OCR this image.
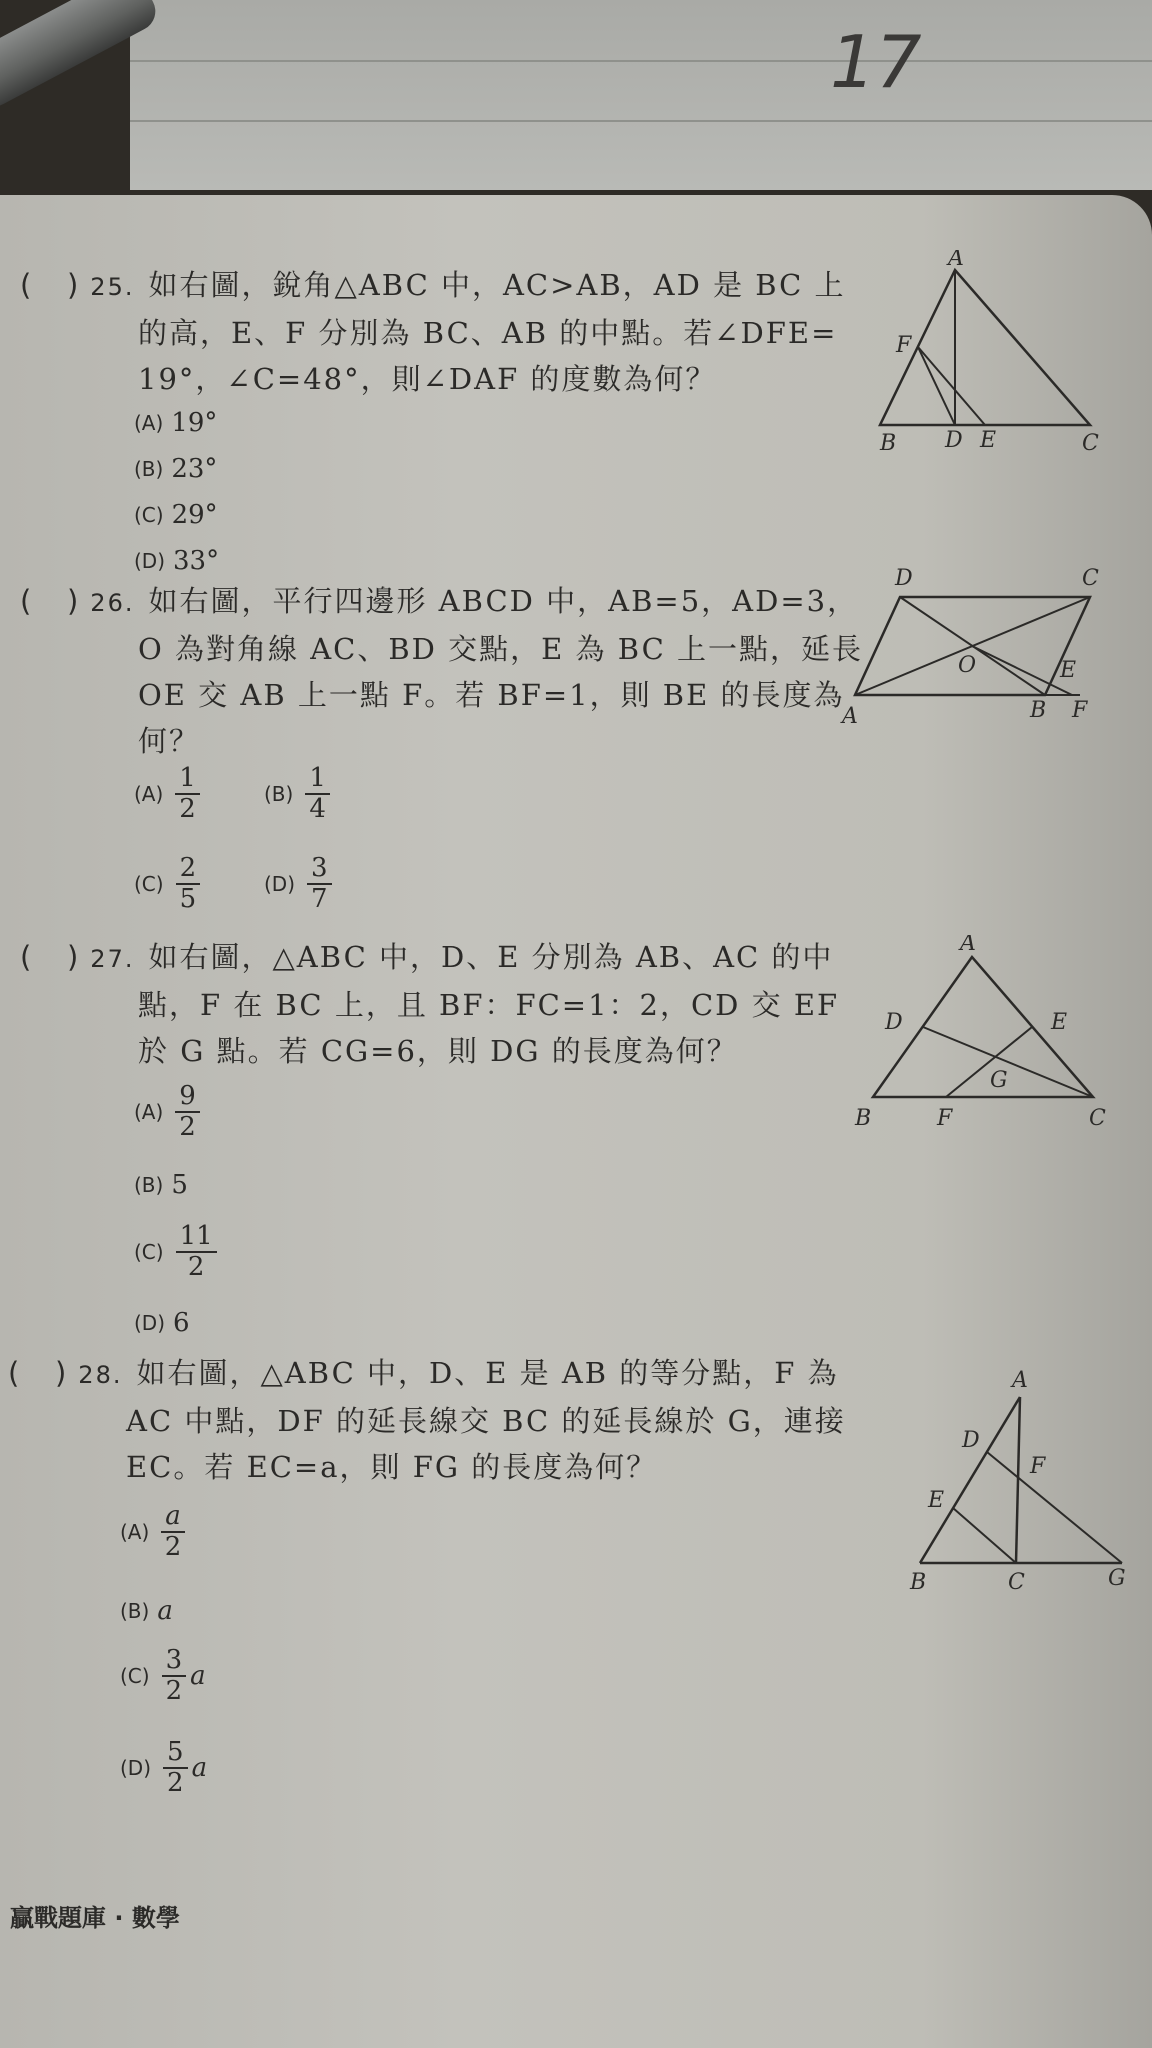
17
(   ) 25. 如右圖，銳角△ABC 中，AC>AB，AD 是 BC 上
的高，E、F 分別為 BC、AB 的中點。若∠DFE=
19°，∠C=48°，則∠DAF 的度數為何？
(A) 19°
(B) 23°
(C) 29°
(D) 33°
A
F
B D E	C
(   ) 26. 如右圖，平行四邊形 ABCD 中，AB=5，AD=3，
O 為對角線 AC、BD 交點，E 為 BC 上一點，延長
OE 交 AB 上一點 F。若 BF=1，則 BE 的長度為
何？
$(A) \frac{1}{2}$	$(B) \frac{1}{4}$
$(C) \frac{2}{5}$	$(D) \frac{3}{7}$
D	C
O	E
A	B F
(   ) 27. 如右圖，△ABC 中，D、E 分別為 AB、AC 的中
點，F 在 BC 上，且 BF：FC=1：2，CD 交 EF
於 G 點。若 CG=6，則 DG 的長度為何？
$(A) \frac{9}{2}$
(B) 5
$(C) \frac{11}{2}$
(D) 6
A
D	E
G
B	F	C
(   ) 28. 如右圖，△ABC 中，D、E 是 AB 的等分點，F 為
AC 中點，DF 的延長線交 BC 的延長線於 G，連接
EC。若 EC=a，則 FG 的長度為何？
$(A) \frac{a}{2}$
(B) a
$(C) \frac{3}{2}$ a
$(D) \frac{5}{2}$ a
A
D
F
E
B	C	G
贏戰題庫 · 數學
